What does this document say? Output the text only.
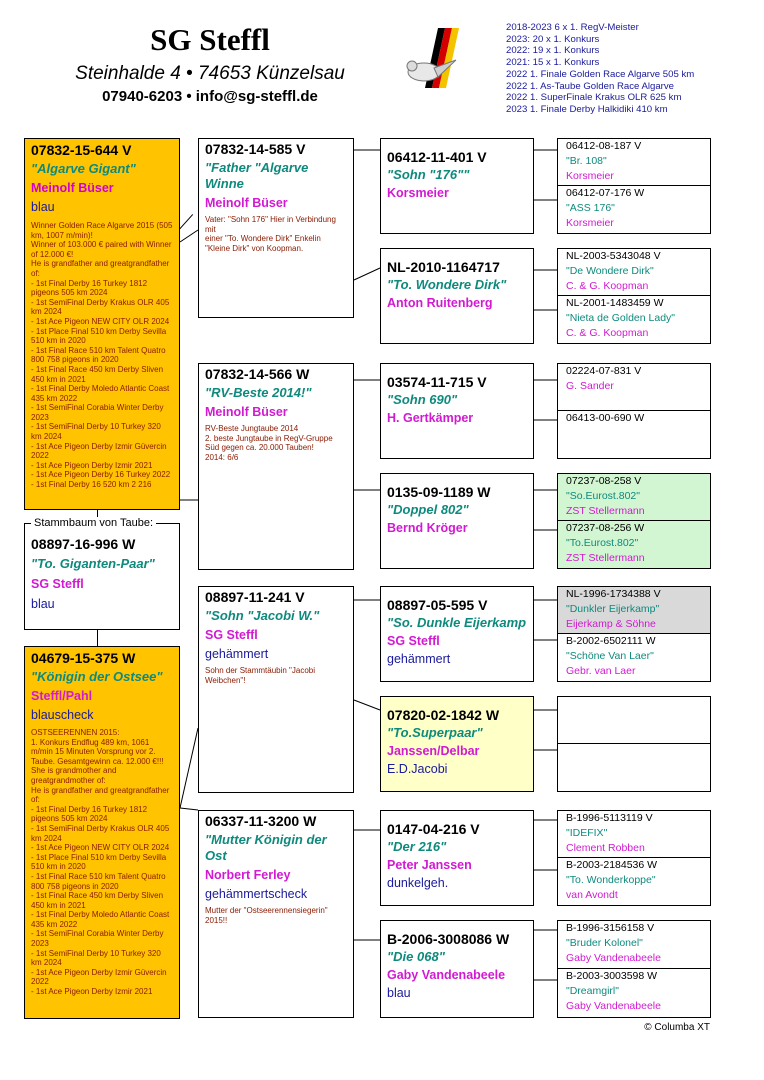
SG Steffl
Steinhalde 4 • 74653 Künzelsau
07940-6203 • info@sg-steffl.de
2018-2023 6 x 1. RegV-Meister
2023: 20 x 1. Konkurs
2022: 19 x 1. Konkurs
2021: 15 x 1. Konkurs
2022 1. Finale Golden Race Algarve 505 km
2022 1. As-Taube Golden Race Algarve
2022 1. SuperFinale Krakus OLR 625 km
2023 1. Finale Derby Halkidiki 410 km
07832-15-644 V
"Algarve Gigant"
Meinolf Büser
blau
Winner Golden Race Algarve 2015 (505 km, 1007 m/min)!
Winner of 103.000 € paired with Winner of 12.000 €!
He is grandfather and greatgrandfather of:
- 1st Final Derby 16 Turkey 1812 pigeons 505 km 2024
- 1st SemiFinal Derby Krakus OLR 405 km 2024
- 1st Ace Pigeon NEW CITY OLR 2024
- 1st Place Final 510 km Derby Sevilla 510 km in 2020
- 1st Final Race 510 km Talent Quatro 800 758 pigeons in 2020
- 1st Final Race 450 km Derby Sliven 450 km in 2021
- 1st Final Derby Moledo Atlantic Coast 435 km 2022
- 1st SemiFinal Corabia Winter Derby 2023
- 1st SemiFinal Derby 10 Turkey 320 km 2024
- 1st Ace Pigeon Derby Izmir Güvercin 2022
- 1st Ace Pigeon Derby Izmir 2021
- 1st Ace Pigeon Derby 16 Turkey 2022
- 1st Final Derby 16 520 km 2 216
Stammbaum von Taube:
08897-16-996 W
"To. Giganten-Paar"
SG Steffl
blau
04679-15-375 W
"Königin der Ostsee"
Steffl/Pahl
blauscheck
OSTSEERENNEN 2015:
1. Konkurs Endflug 489 km, 1061 m/min 15 Minuten Vorsprung vor 2. Taube. Gesamtgewinn ca. 12.000 €!!!
She is grandmother and greatgrandmother of:
He is grandfather and greatgrandfather of:
- 1st Final Derby 16 Turkey 1812 pigeons 505 km 2024
- 1st SemiFinal Derby Krakus OLR 405 km 2024
- 1st Ace Pigeon NEW CITY OLR 2024
- 1st Place Final 510 km Derby Sevilla 510 km in 2020
- 1st Final Race 510 km Talent Quatro 800 758 pigeons in 2020
- 1st Final Race 450 km Derby Sliven 450 km in 2021
- 1st Final Derby Moledo Atlantic Coast 435 km 2022
- 1st SemiFinal Corabia Winter Derby 2023
- 1st SemiFinal Derby 10 Turkey 320 km 2024
- 1st Ace Pigeon Derby Izmir Güvercin 2022
- 1st Ace Pigeon Derby Izmir 2021
07832-14-585 V
"Father "Algarve Winne
Meinolf Büser
Vater: "Sohn 176" Hier in Verbindung mit
einer "To. Wondere Dirk" Enkelin "Kleine Dirk" von Koopman.
07832-14-566 W
"RV-Beste 2014!"
Meinolf Büser
RV-Beste Jungtaube 2014
2. beste Jungtaube in RegV-Gruppe Süd gegen ca. 20.000 Tauben!
2014: 6/6
08897-11-241 V
"Sohn "Jacobi W."
SG Steffl
gehämmert
Sohn der Stammtäubin "Jacobi Weibchen"!
06337-11-3200 W
"Mutter Königin der Ost
Norbert Ferley
gehämmertscheck
Mutter der "Ostseerennensiegerin" 2015!!
06412-11-401 V
"Sohn "176""
Korsmeier
NL-2010-1164717
"To. Wondere Dirk"
Anton Ruitenberg
03574-11-715 V
"Sohn 690"
H. Gertkämper
0135-09-1189 W
"Doppel 802"
Bernd Kröger
08897-05-595 V
"So. Dunkle Eijerkamp
SG Steffl
gehämmert
07820-02-1842 W
"To.Superpaar"
Janssen/Delbar
E.D.Jacobi
0147-04-216 V
"Der 216"
Peter Janssen
dunkelgeh.
B-2006-3008086 W
"Die 068"
Gaby Vandenabeele
blau
06412-08-187 V
"Br. 108"
Korsmeier
06412-07-176 W
"ASS 176"
Korsmeier
NL-2003-5343048 V
"De Wondere Dirk"
C. & G. Koopman
NL-2001-1483459 W
"Nieta de Golden Lady"
C. & G. Koopman
02224-07-831 V
G. Sander
06413-00-690 W
07237-08-258 V
"So.Eurost.802"
ZST Stellermann
07237-08-256 W
"To.Eurost.802"
ZST Stellermann
NL-1996-1734388 V
"Dunkler Eijerkamp"
Eijerkamp & Söhne
B-2002-6502111 W
"Schöne Van Laer"
Gebr. van Laer
B-1996-5113119 V
"IDEFIX"
Clement Robben
B-2003-2184536 W
"To. Wonderkoppe"
van Avondt
B-1996-3156158 V
"Bruder Kolonel"
Gaby Vandenabeele
B-2003-3003598 W
"Dreamgirl"
Gaby Vandenabeele
© Columba XT
